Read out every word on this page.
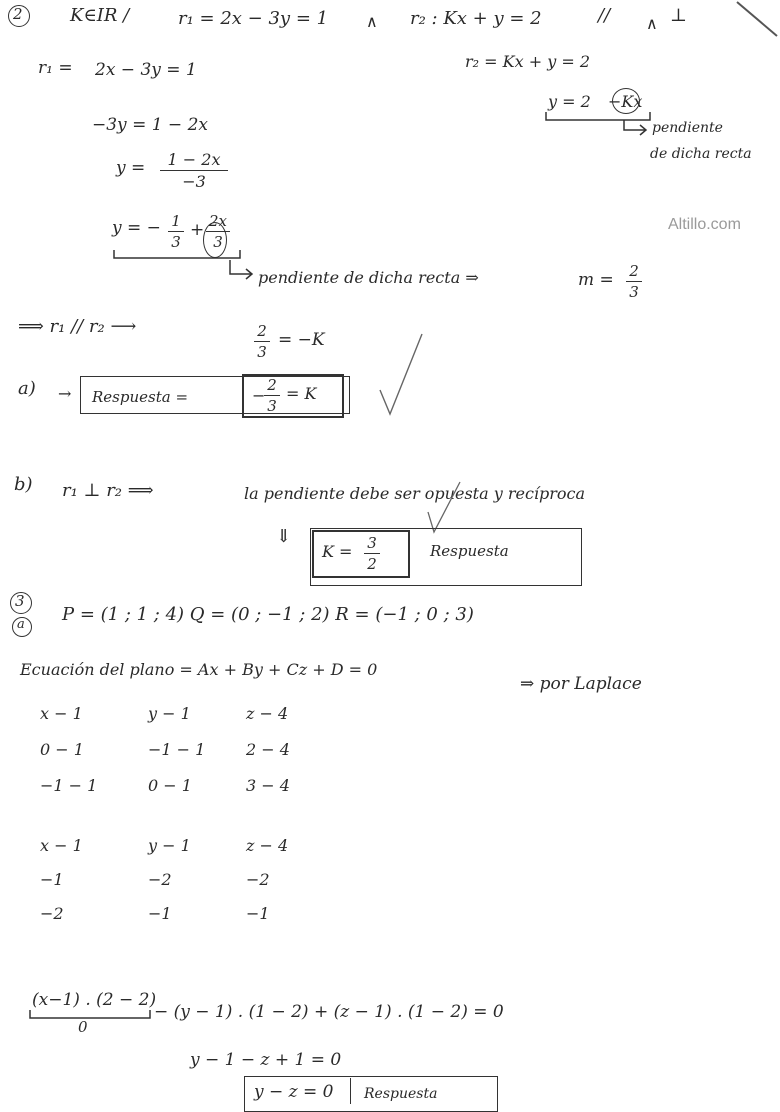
Altillo.com
2	K∈IR /	r₁ = 2x − 3y = 1 ∧ r₂ : Kx + y = 2	// ∧ ⊥
r₁ = 2x − 3y = 1	r₂ = Kx + y = 2
y = 2 −Kx
pendiente
de dicha recta
−3y = 1 − 2x
y = 1 − 2x
−3
y = − 1
3
+ 2x
3
pendiente de dicha recta ⇒	m = 2
3
⟹ r₁ // r₂ ⟶	2
3
= −K
a) → Respuesta =	−
2
3
= K
b) r₁ ⊥ r₂ ⟹	la pendiente debe ser opuesta y recíproca
⇓
K = 3
2
Respuesta
3
a P = (1 ; 1 ; 4) Q = (0 ; −1 ; 2) R = (−1 ; 0 ; 3)
Ecuación del plano = Ax + By + Cz + D = 0
⇒ por Laplace
x − 1	y − 1	z − 4
0 − 1	−1 − 1	2 − 4
−1 − 1	0 − 1	3 − 4
x − 1	y − 1	z − 4
−1	−2	−2
−2	−1	−1
(x−1) . (2 − 2)
0
− (y − 1) . (1 − 2) + (z − 1) . (1 − 2) = 0
y − 1 − z + 1 = 0
y − z = 0 Respuesta
